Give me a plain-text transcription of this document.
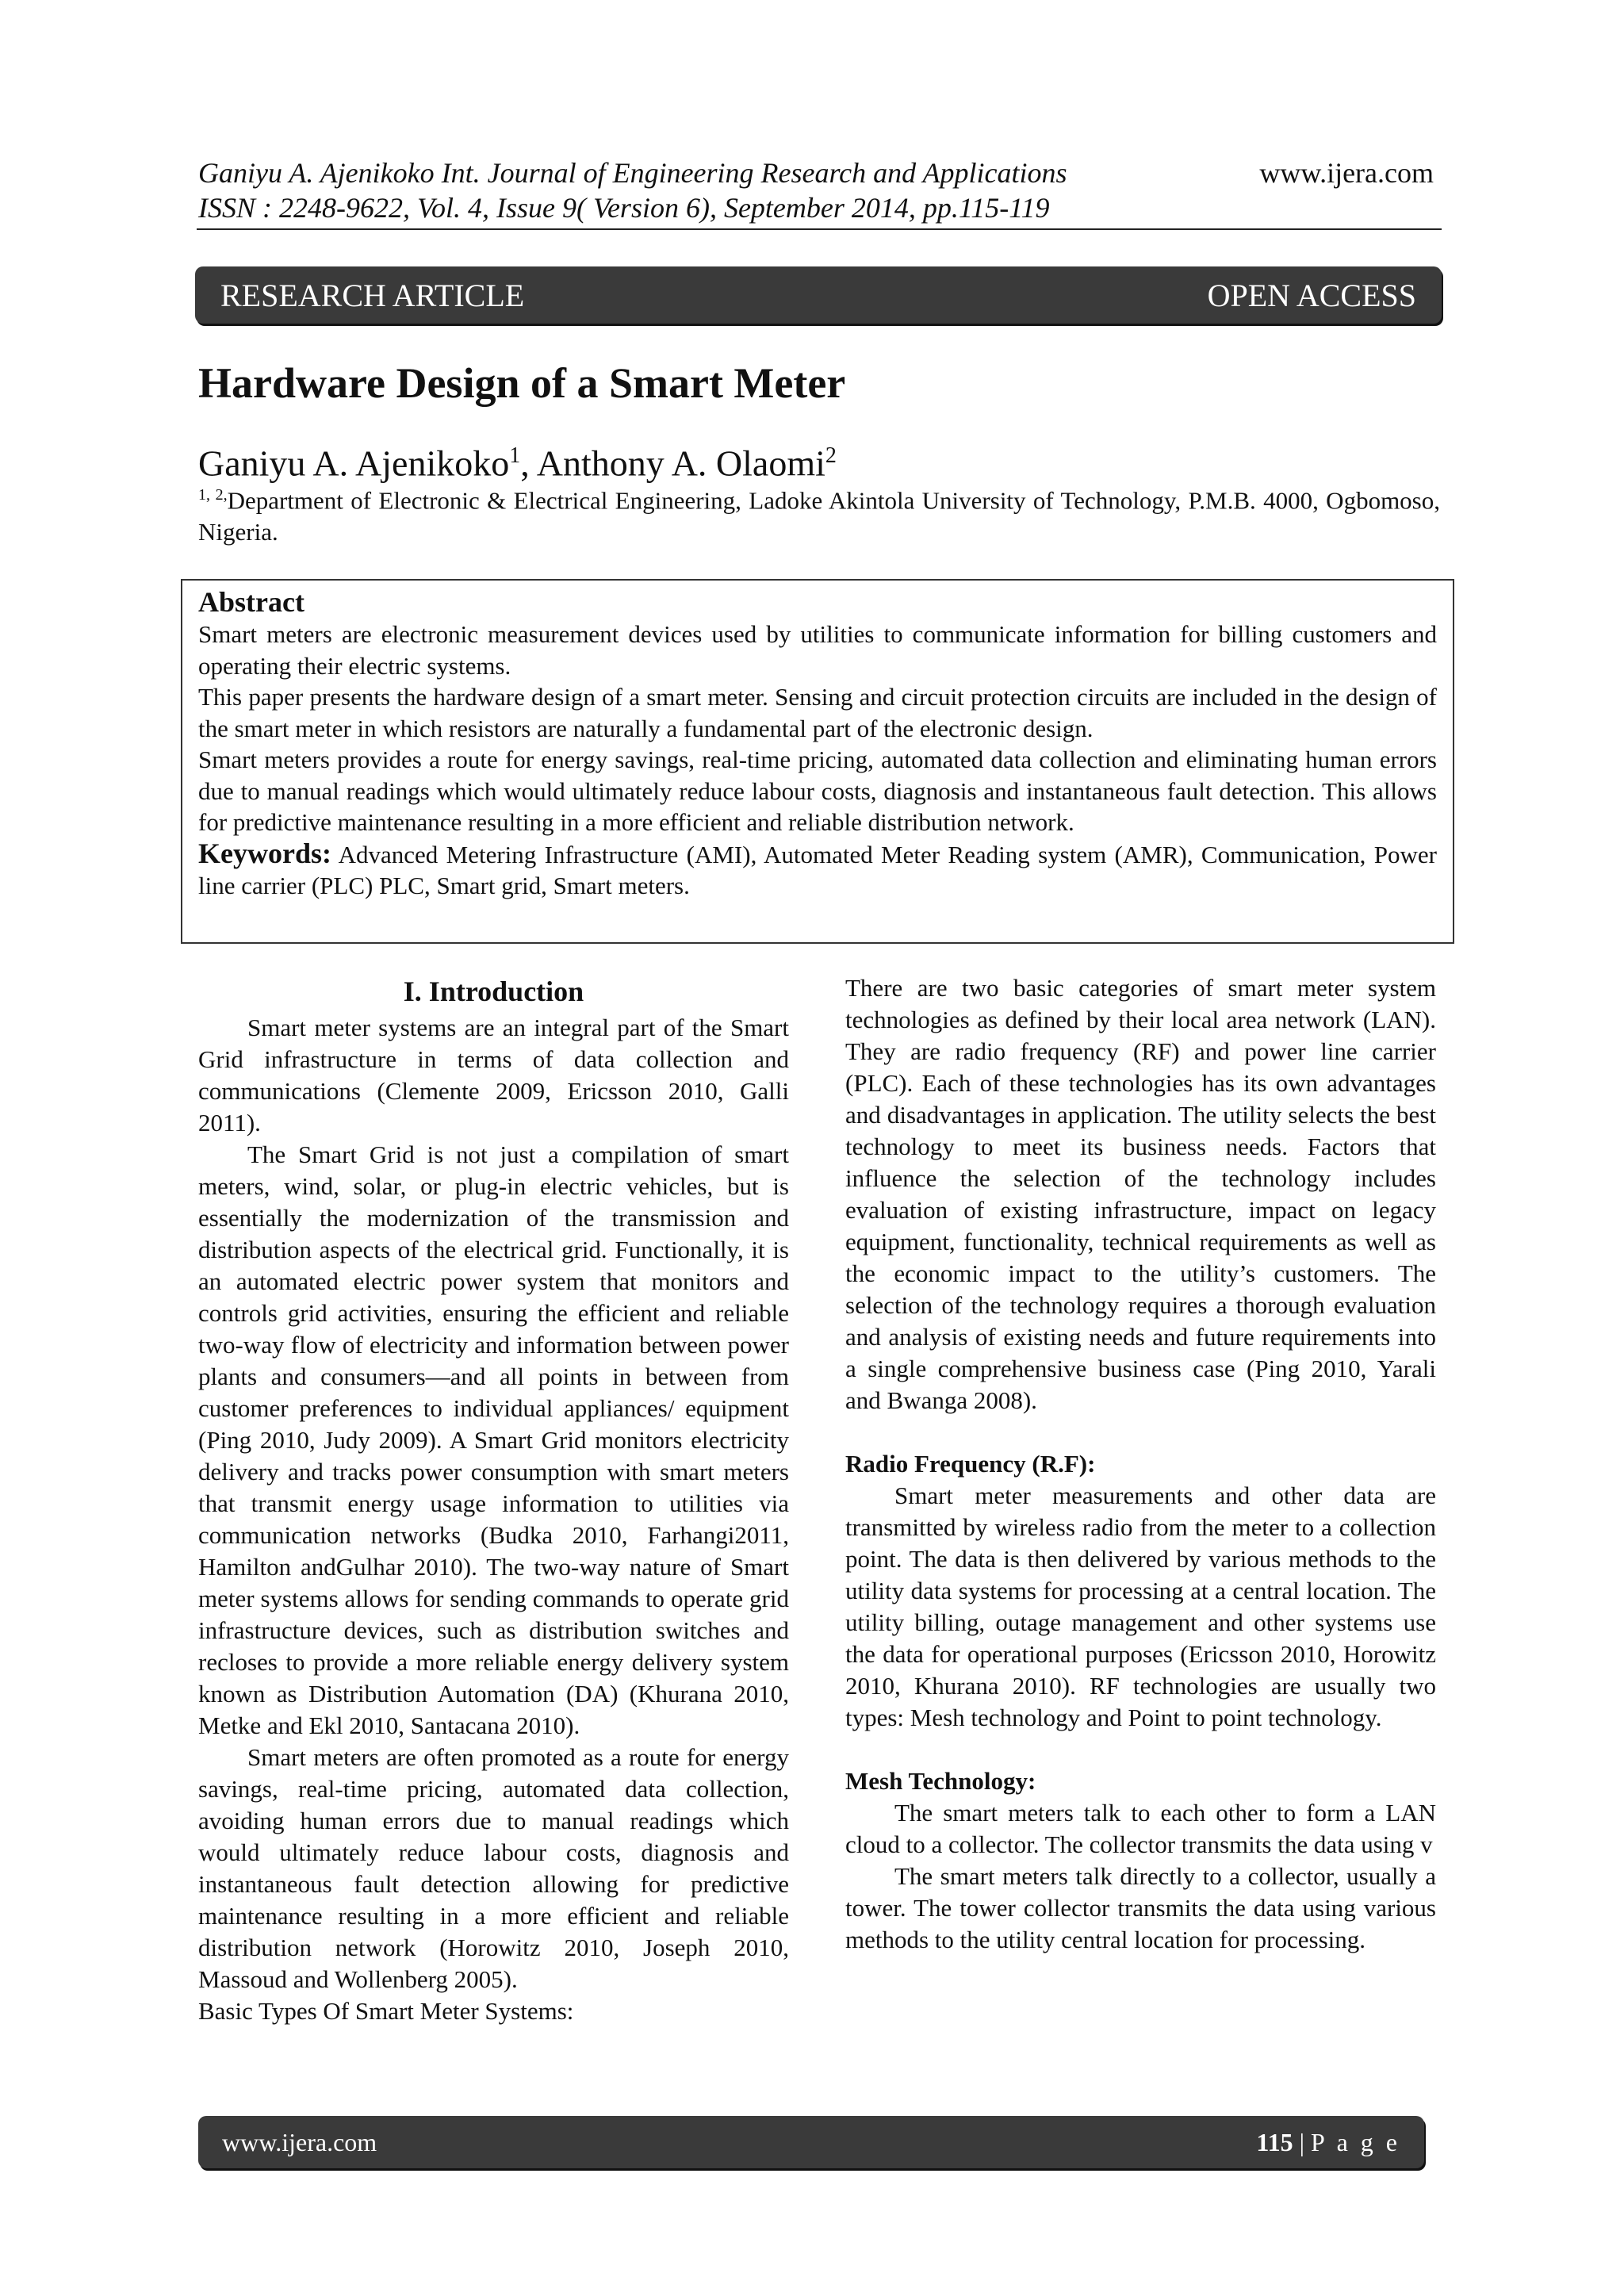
Ganiyu A. Ajenikoko Int. Journal of Engineering Research and Applications
ISSN : 2248-9622, Vol. 4, Issue 9( Version 6), September 2014, pp.115-119
www.ijera.com
RESEARCH ARTICLE	OPEN ACCESS
Hardware Design of a Smart Meter
Ganiyu A. Ajenikoko$^1$, Anthony A. Olaomi$^2$
$^{1, 2,}$Department of Electronic & Electrical Engineering, Ladoke Akintola University of Technology, P.M.B. 4000, Ogbomoso, Nigeria.
Abstract

Smart meters are electronic measurement devices used by utilities to communicate information for billing customers and operating their electric systems.

This paper presents the hardware design of a smart meter. Sensing and circuit protection circuits are included in the design of the smart meter in which resistors are naturally a fundamental part of the electronic design.

Smart meters provides a route for energy savings, real-time pricing, automated data collection and eliminating human errors due to manual readings which would ultimately reduce labour costs, diagnosis and instantaneous fault detection. This allows for predictive maintenance resulting in a more efficient and reliable distribution network.

Keywords: Advanced Metering Infrastructure (AMI), Automated Meter Reading system (AMR), Communication, Power line carrier (PLC) PLC, Smart grid, Smart meters.

I. Introduction

Smart meter systems are an integral part of the Smart Grid infrastructure in terms of data collection and communications (Clemente 2009, Ericsson 2010, Galli 2011).

The Smart Grid is not just a compilation of smart meters, wind, solar, or plug-in electric vehicles, but is essentially the modernization of the transmission and distribution aspects of the electrical grid. Functionally, it is an automated electric power system that monitors and controls grid activities, ensuring the efficient and reliable two-way flow of electricity and information between power plants and consumers—and all points in between from customer preferences to individual appliances/ equipment (Ping 2010, Judy 2009). A Smart Grid monitors electricity delivery and tracks power consumption with smart meters that transmit energy usage information to utilities via communication networks (Budka 2010, Farhangi2011, Hamilton andGulhar 2010). The two-way nature of Smart meter systems allows for sending commands to operate grid infrastructure devices, such as distribution switches and recloses to provide a more reliable energy delivery system known as Distribution Automation (DA) (Khurana 2010, Metke and Ekl 2010, Santacana 2010).

Smart meters are often promoted as a route for energy savings, real-time pricing, automated data collection, avoiding human errors due to manual readings which would ultimately reduce labour costs, diagnosis and instantaneous fault detection allowing for predictive maintenance resulting in a more efficient and reliable distribution network (Horowitz 2010, Joseph 2010, Massoud and Wollenberg 2005).

Basic Types Of Smart Meter Systems:

There are two basic categories of smart meter system technologies as defined by their local area network (LAN). They are radio frequency (RF) and power line carrier (PLC). Each of these technologies has its own advantages and disadvantages in application. The utility selects the best technology to meet its business needs. Factors that influence the selection of the technology includes evaluation of existing infrastructure, impact on legacy equipment, functionality, technical requirements as well as the economic impact to the utility’s customers. The selection of the technology requires a thorough evaluation and analysis of existing needs and future requirements into a single comprehensive business case (Ping 2010, Yarali and Bwanga 2008).

Radio Frequency (R.F):

Smart meter measurements and other data are transmitted by wireless radio from the meter to a collection point. The data is then delivered by various methods to the utility data systems for processing at a central location. The utility billing, outage management and other systems use the data for operational purposes (Ericsson 2010, Horowitz 2010, Khurana 2010). RF technologies are usually two types: Mesh technology and Point to point technology.

Mesh Technology:

The smart meters talk to each other to form a LAN cloud to a collector. The collector transmits the data using v

The smart meters talk directly to a collector, usually a tower. The tower collector transmits the data using various methods to the utility central location for processing.

www.ijera.com	115 | P a g e
